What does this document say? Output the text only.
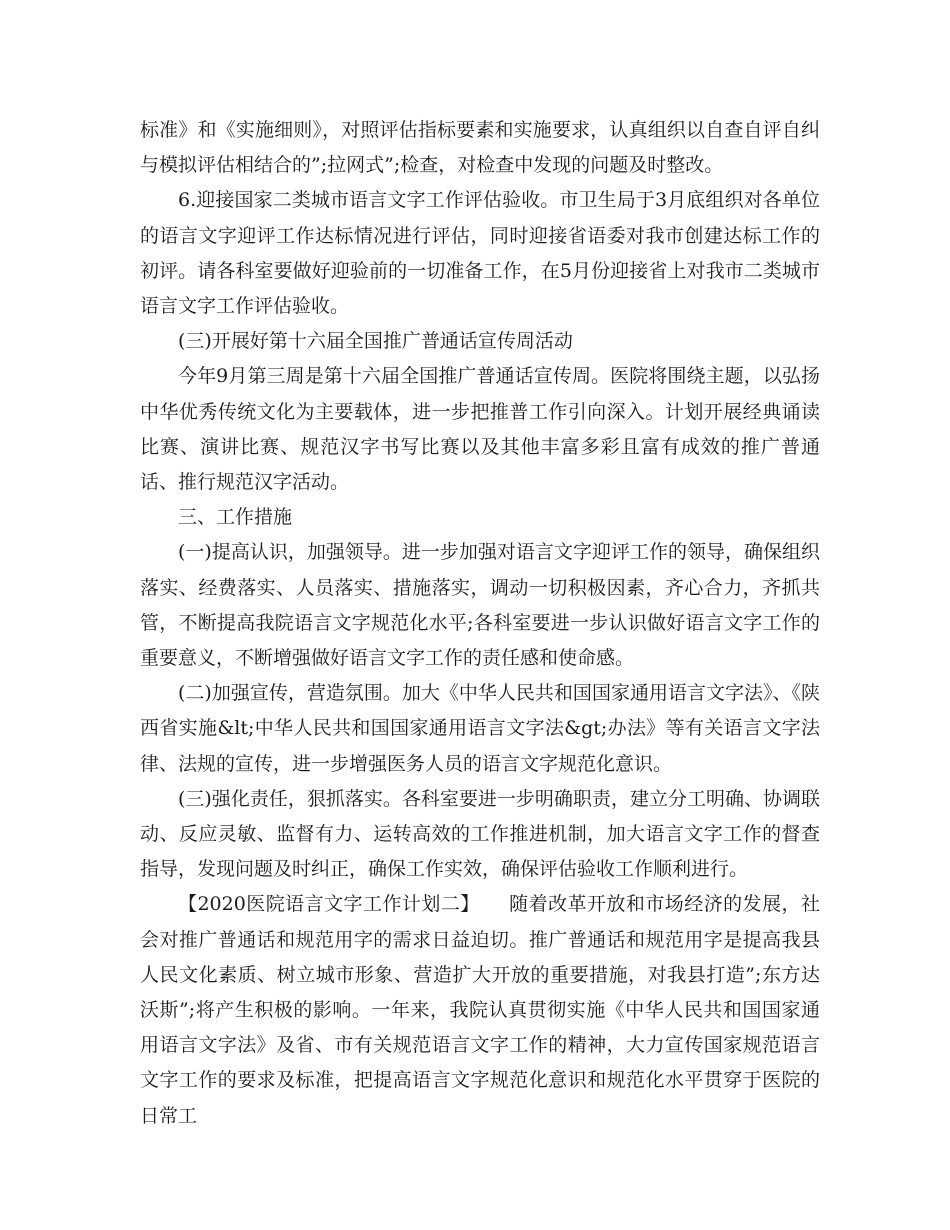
标准》和《实施细则》，对照评估指标要素和实施要求，认真组织以自查自评自纠与模拟评估相结合的”;拉网式”;检查，对检查中发现的问题及时整改。

6.迎接国家二类城市语言文字工作评估验收。市卫生局于3月底组织对各单位的语言文字迎评工作达标情况进行评估，同时迎接省语委对我市创建达标工作的初评。请各科室要做好迎验前的一切准备工作，在5月份迎接省上对我市二类城市语言文字工作评估验收。

(三)开展好第十六届全国推广普通话宣传周活动

今年9月第三周是第十六届全国推广普通话宣传周。医院将围绕主题，以弘扬中华优秀传统文化为主要载体，进一步把推普工作引向深入。计划开展经典诵读比赛、演讲比赛、规范汉字书写比赛以及其他丰富多彩且富有成效的推广普通话、推行规范汉字活动。

三、工作措施

(一)提高认识，加强领导。进一步加强对语言文字迎评工作的领导，确保组织落实、经费落实、人员落实、措施落实，调动一切积极因素，齐心合力，齐抓共管，不断提高我院语言文字规范化水平;各科室要进一步认识做好语言文字工作的重要意义，不断增强做好语言文字工作的责任感和使命感。

(二)加强宣传，营造氛围。加大《中华人民共和国国家通用语言文字法》、《陕西省实施&lt;中华人民共和国国家通用语言文字法&gt;办法》等有关语言文字法律、法规的宣传，进一步增强医务人员的语言文字规范化意识。

(三)强化责任，狠抓落实。各科室要进一步明确职责，建立分工明确、协调联动、反应灵敏、监督有力、运转高效的工作推进机制，加大语言文字工作的督查指导，发现问题及时纠正，确保工作实效，确保评估验收工作顺利进行。

【2020医院语言文字工作计划二】　　随着改革开放和市场经济的发展，社会对推广普通话和规范用字的需求日益迫切。推广普通话和规范用字是提高我县人民文化素质、树立城市形象、营造扩大开放的重要措施，对我县打造”;东方达沃斯”;将产生积极的影响。一年来，我院认真贯彻实施《中华人民共和国国家通用语言文字法》及省、市有关规范语言文字工作的精神，大力宣传国家规范语言文字工作的要求及标准，把提高语言文字规范化意识和规范化水平贯穿于医院的日常工
